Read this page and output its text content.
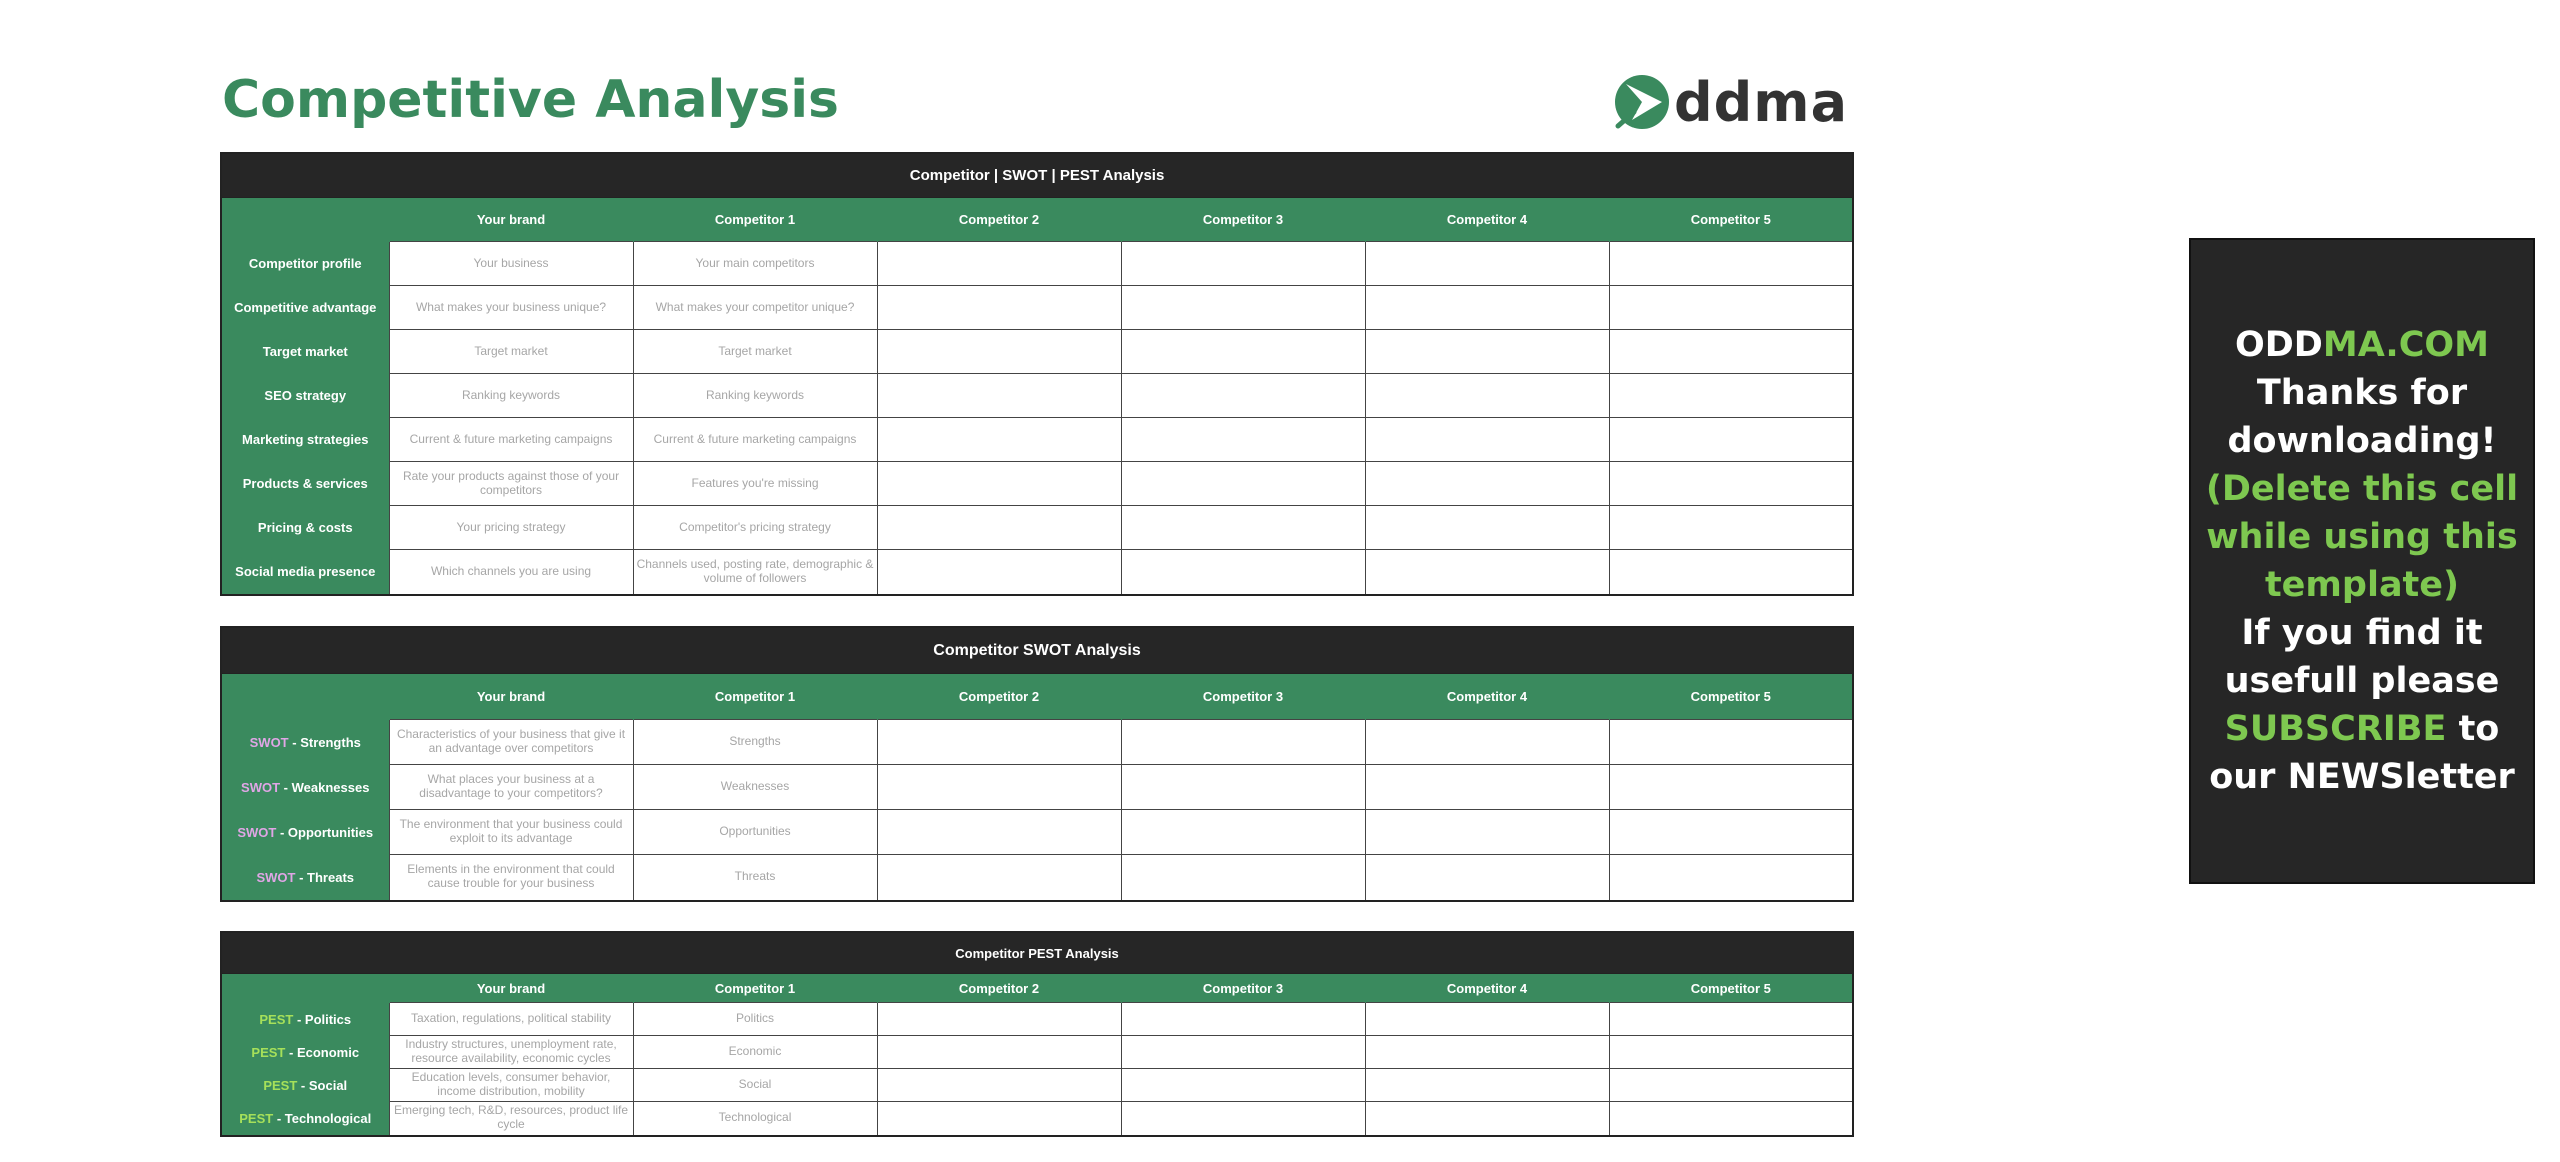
Competitive Analysis	ddma
Competitor | SWOT | PEST Analysis						
	Your brand	Competitor 1	Competitor 2	Competitor 3	Competitor 4	Competitor 5
Competitor profile	Your business	Your main competitors				
Competitive advantage	What makes your business unique?	What makes your competitor unique?				
Target market	Target market	Target market				
SEO strategy	Ranking keywords	Ranking keywords				
Marketing strategies	Current & future marketing campaigns	Current & future marketing campaigns				
Products & services	Rate your products against those of your competitors	Features you're missing				
Pricing & costs	Your pricing strategy	Competitor's pricing strategy				
Social media presence	Which channels you are using	Channels used, posting rate, demographic & volume of followers				
Competitor SWOT Analysis						
	Your brand	Competitor 1	Competitor 2	Competitor 3	Competitor 4	Competitor 5
SWOT - Strengths	Characteristics of your business that give it an advantage over competitors	Strengths				
SWOT - Weaknesses	What places your business at a disadvantage to your competitors?	Weaknesses				
SWOT - Opportunities	The environment that your business could exploit to its advantage	Opportunities				
SWOT - Threats	Elements in the environment that could cause trouble for your business	Threats				
Competitor PEST Analysis						
	Your brand	Competitor 1	Competitor 2	Competitor 3	Competitor 4	Competitor 5
PEST - Politics	Taxation, regulations, political stability	Politics				
PEST - Economic	Industry structures, unemployment rate, resource availability, economic cycles	Economic				
PEST - Social	Education levels, consumer behavior, income distribution, mobility	Social				
PEST - Technological	Emerging tech, R&D, resources, product life cycle	Technological				
ODDMA.COM
Thanks for downloading!
(Delete this cell while using this template)
If you find it usefull please
SUBSCRIBE to our NEWSletter
